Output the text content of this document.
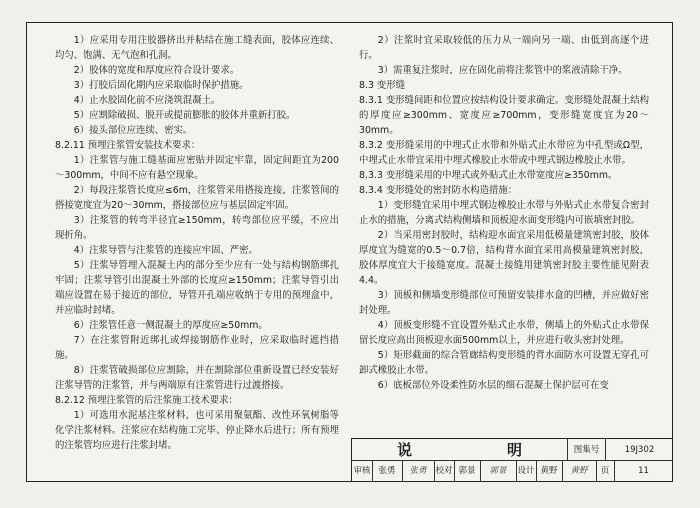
1）应采用专用注胶器挤出并粘结在施工缝表面，胶体应连续、均匀、饱满、无气泡和孔洞。

2）胶体的宽度和厚度应符合设计要求。

3）打胶后固化期内应采取临时保护措施。

4）止水胶固化前不应浇筑混凝土。

5）应割除破损、脱开或提前膨胀的胶体并重新打胶。

6）接头部位应连续、密实。

8.2.11 预埋注浆管安装技术要求：

1）注浆管与施工缝基面应密贴并固定牢靠，固定间距宜为200～300mm，中间不应有悬空现象。

2）每段注浆管长度应≤6m，注浆管采用搭接连接，注浆管间的搭接宽度宜为20～30mm，搭接部位应与基层固定牢固。

3）注浆管的转弯半径宜≥150mm，转弯部位应平缓，不应出现折角。

4）注浆导管与注浆管的连接应牢固、严密。

5）注浆导管埋入混凝土内的部分至少应有一处与结构钢筋绑扎牢固；注浆导管引出混凝土外部的长度应≥150mm；注浆导管引出端应设置在易于接近的部位，导管开孔端应收纳于专用的预埋盒中，并应临时封堵。

6）注浆管任意一侧混凝土的厚度应≥50mm。

7）在注浆管附近绑扎或焊接钢筋作业时，应采取临时遮挡措施。

8）注浆管破损部位应割除，并在割除部位重新设置已经安装好注浆导管的注浆管，并与两端原有注浆管进行过渡搭接。

8.2.12 预埋注浆管的后注浆施工技术要求：

1）可选用水泥基注浆材料，也可采用聚氨酯、改性环氧树脂等化学注浆材料。注浆应在结构施工完毕、停止降水后进行；所有预埋的注浆管均应进行注浆封堵。

2）注浆时宜采取较低的压力从一端向另一端、由低到高逐个进行。

3）需重复注浆时，应在固化前将注浆管中的浆液清除干净。

8.3 变形缝

8.3.1 变形缝间距和位置应按结构设计要求确定。变形缝处混凝土结构的厚度应≥300mm、宽度应≥700mm，变形缝宽度宜为20～30mm。

8.3.2 变形缝采用的中埋式止水带和外贴式止水带应为中孔型或Ω型，中埋式止水带宜采用中埋式橡胶止水带或中埋式钢边橡胶止水带。

8.3.3 变形缝采用的中埋式或外贴式止水带宽度应≥350mm。

8.3.4 变形缝处的密封防水构造措施：

1）变形缝宜采用中埋式钢边橡胶止水带与外贴式止水带复合密封止水的措施，分离式结构侧墙和顶板迎水面变形缝内可嵌填密封胶。

2）当采用密封胶时，结构迎水面宜采用低模量建筑密封胶，胶体厚度宜为缝宽的0.5～0.7倍，结构背水面宜采用高模量建筑密封胶，胶体厚度宜大于接缝宽度。混凝土接缝用建筑密封胶主要性能见附表4.4。

3）顶板和侧墙变形缝部位可预留安装排水盒的凹槽，并应做好密封处理。

4）顶板变形缝不宜设置外贴式止水带，侧墙上的外贴式止水带保留长度应高出顶板迎水面500mm以上，并应进行收头密封处理。

5）矩形截面的综合管廊结构变形缝的背水面防水可设置无穿孔可卸式橡胶止水带。

6）底板部位外设柔性防水层的细石混凝土保护层可在变

说　明	图集号	19J302
审核 张勇	张勇	校对 郭景	郭景	设计 黄野	黄野	页	11
